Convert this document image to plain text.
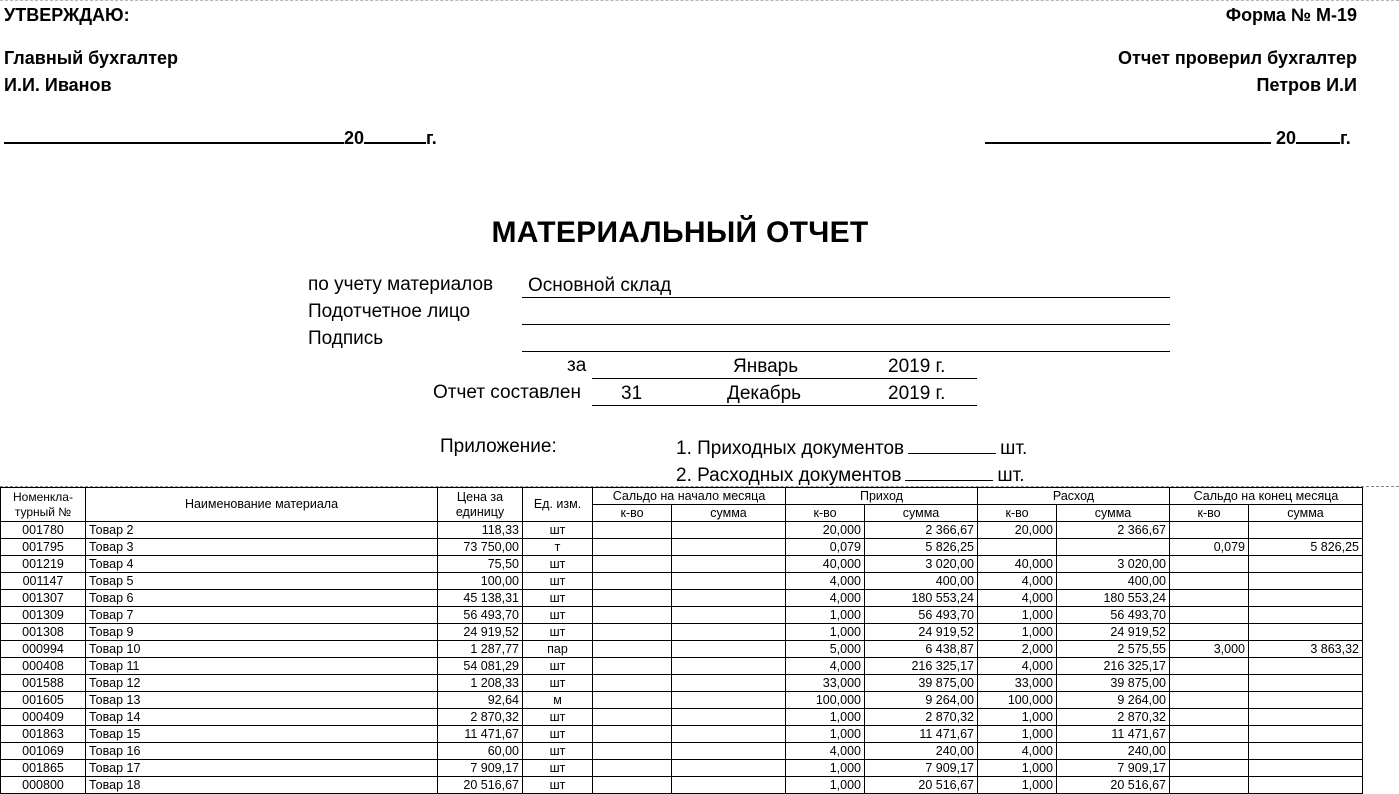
УТВЕРЖДАЮ:
Главный бухгалтер
И.И. Иванов
Форма № М-19
Отчет проверил бухгалтер
Петров И.И
20	г.	20 г.
МАТЕРИАЛЬНЫЙ ОТЧЕТ
по учету материалов Основной склад
Подотчетное лицо
Подпись
за	Январь	2019 г.
Отчет составлен 31	Декабрь	2019 г.
Приложение:	1. Приходных документов	шт.
2. Расходных документов	шт.
Номенкла-турный №	Наименование материала	Цена за единицу	Ед. изм.	Сальдо на начало месяца		Приход		Расход		Сальдо на конец месяца	
				к-во	сумма	к-во	сумма	к-во	сумма	к-во	сумма
001780	Товар 2	118,33	шт			20,000	2 366,67	20,000	2 366,67		
001795	Товар 3	73 750,00	т			0,079	5 826,25			0,079	5 826,25
001219	Товар 4	75,50	шт			40,000	3 020,00	40,000	3 020,00		
001147	Товар 5	100,00	шт			4,000	400,00	4,000	400,00		
001307	Товар 6	45 138,31	шт			4,000	180 553,24	4,000	180 553,24		
001309	Товар 7	56 493,70	шт			1,000	56 493,70	1,000	56 493,70		
001308	Товар 9	24 919,52	шт			1,000	24 919,52	1,000	24 919,52		
000994	Товар 10	1 287,77	пар			5,000	6 438,87	2,000	2 575,55	3,000	3 863,32
000408	Товар 11	54 081,29	шт			4,000	216 325,17	4,000	216 325,17		
001588	Товар 12	1 208,33	шт			33,000	39 875,00	33,000	39 875,00		
001605	Товар 13	92,64	м			100,000	9 264,00	100,000	9 264,00		
000409	Товар 14	2 870,32	шт			1,000	2 870,32	1,000	2 870,32		
001863	Товар 15	11 471,67	шт			1,000	11 471,67	1,000	11 471,67		
001069	Товар 16	60,00	шт			4,000	240,00	4,000	240,00		
001865	Товар 17	7 909,17	шт			1,000	7 909,17	1,000	7 909,17		
000800	Товар 18	20 516,67	шт			1,000	20 516,67	1,000	20 516,67		
